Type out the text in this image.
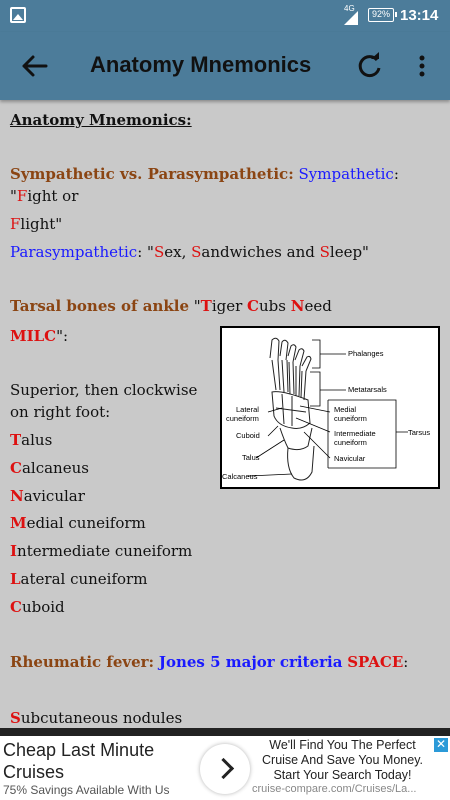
4G
92% 13:14
Anatomy Mnemonics
Anatomy Mnemonics:
Sympathetic vs. Parasympathetic: Sympathetic:
"Fight or
Flight"
Parasympathetic: "Sex, Sandwiches and Sleep"
Tarsal bones of ankle "Tiger Cubs Need
MILC":
Superior, then clockwise
on right foot:
Talus
Calcaneus
Navicular
Medial cuneiform
Intermediate cuneiform
Lateral cuneiform
Cuboid
Rheumatic fever: Jones 5 major criteria SPACE:
Subcutaneous nodules
Phalanges
Metatarsals
Lateral
cuneiform
Medial
cuneiform
Cuboid	Intermediate
cuneiform
Tarsus
Talus	Navicular
Calcaneus
Cheap Last Minute Cruises
75% Savings Available With Us
We'll Find You The Perfect Cruise And Save You Money. Start Your Search Today!
cruise-compare.com/Cruises/La...
✕
